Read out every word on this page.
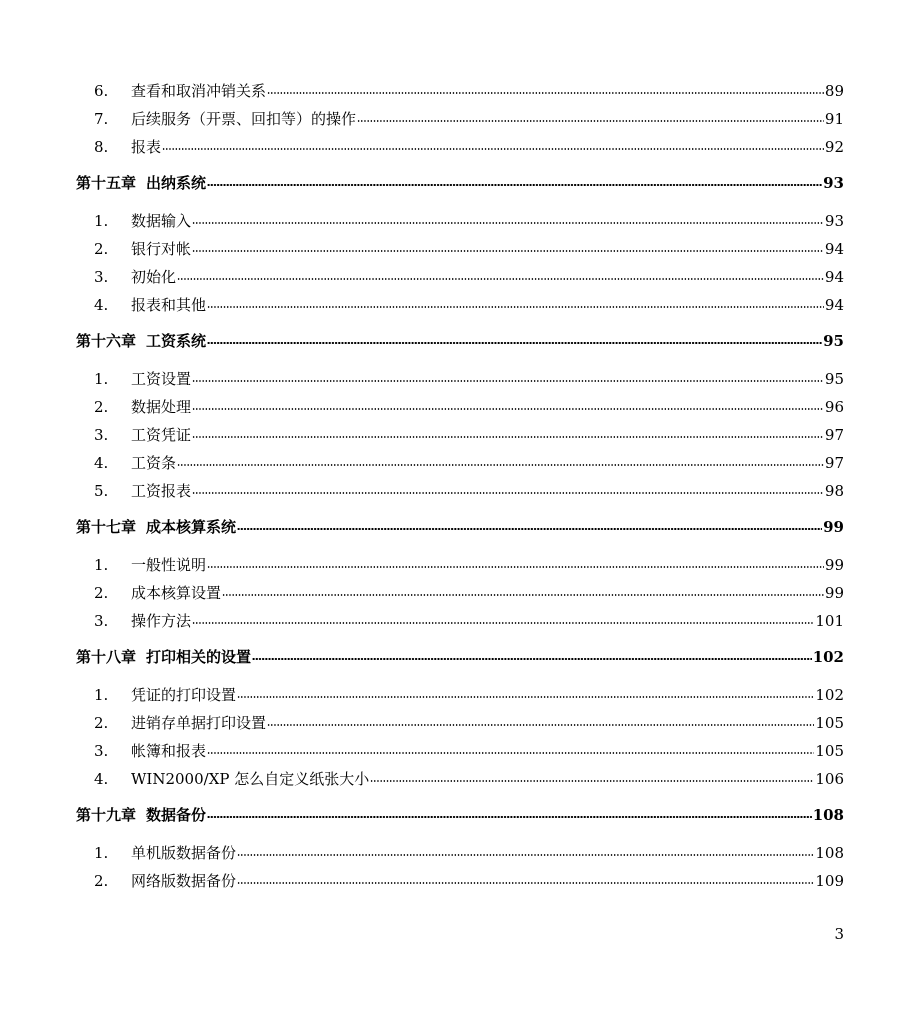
6.	查看和取消冲销关系	89
7.	后续服务（开票、回扣等）的操作	91
8.	报表	92
第十五章 出纳系统	93
1.	数据输入	93
2.	银行对帐	94
3.	初始化	94
4.	报表和其他	94
第十六章 工资系统	95
1.	工资设置	95
2.	数据处理	96
3.	工资凭证	97
4.	工资条	97
5.	工资报表	98
第十七章 成本核算系统	99
1.	一般性说明	99
2.	成本核算设置	99
3.	操作方法	101
第十八章 打印相关的设置	102
1.	凭证的打印设置	102
2.	进销存单据打印设置	105
3.	帐簿和报表	105
4.	WIN2000/XP 怎么自定义纸张大小	106
第十九章 数据备份	108
1.	单机版数据备份	108
2.	网络版数据备份	109
3
